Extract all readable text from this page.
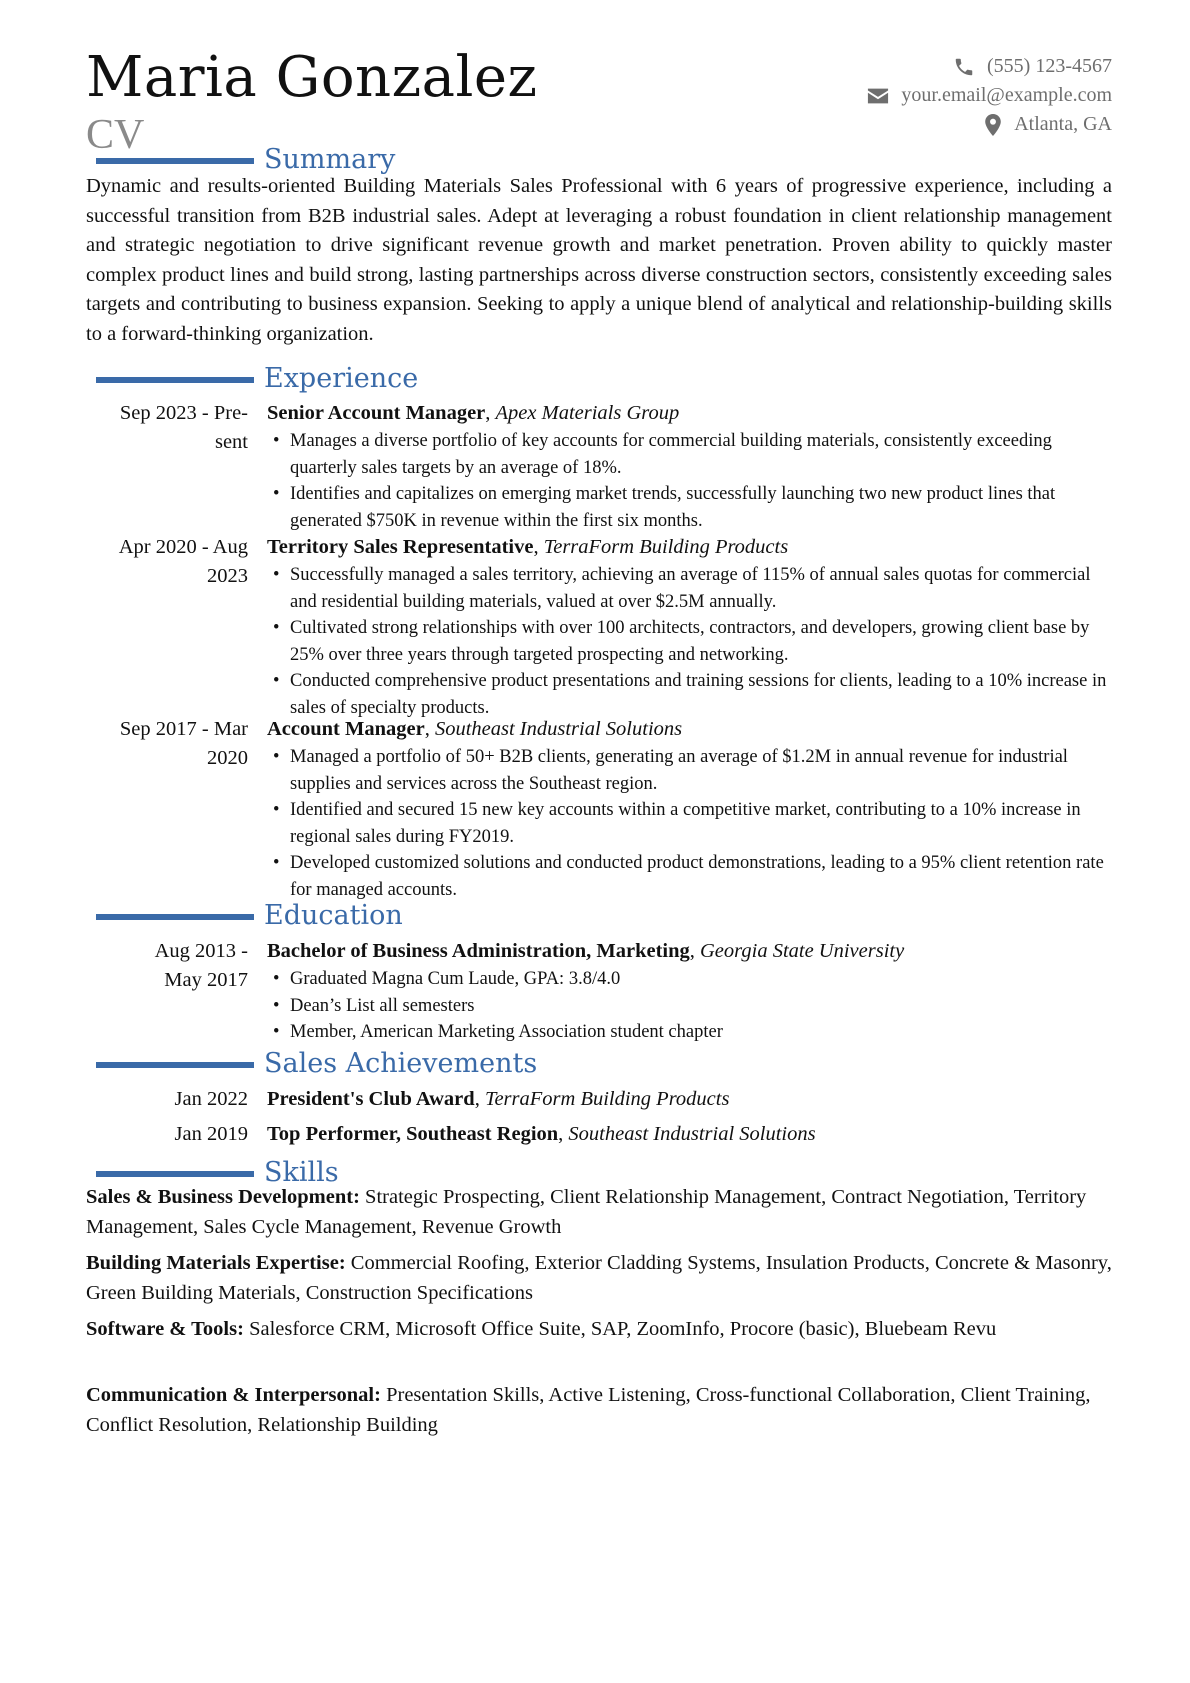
Maria Gonzalez
CV
(555) 123-4567
your.email@example.com
Atlanta, GA
Summary

Dynamic and results-oriented Building Materials Sales Professional with 6 years of progressive experience, including a successful transition from B2B industrial sales. Adept at leveraging a robust foundation in client relationship management and strategic negotiation to drive significant revenue growth and market penetration. Proven ability to quickly master complex product lines and build strong, lasting partnerships across diverse construction sectors, consistently exceeding sales targets and contributing to business expansion. Seeking to apply a unique blend of analytical and relationship-building skills to a forward-thinking organization.

Experience
Sep 2023 - Pre-
sent
Senior Account Manager, Apex Materials Group
• Manages a diverse portfolio of key accounts for commercial building materials, consistently exceeding quarterly sales targets by an average of 18%.
• Identifies and capitalizes on emerging market trends, successfully launching two new product lines that generated $750K in revenue within the first six months.
Apr 2020 - Aug
2023
Territory Sales Representative, TerraForm Building Products
• Successfully managed a sales territory, achieving an average of 115% of annual sales quotas for commercial and residential building materials, valued at over $2.5M annually.
• Cultivated strong relationships with over 100 architects, contractors, and developers, growing client base by 25% over three years through targeted prospecting and networking.
• Conducted comprehensive product presentations and training sessions for clients, leading to a 10% increase in sales of specialty products.
Sep 2017 - Mar
2020
Account Manager, Southeast Industrial Solutions
• Managed a portfolio of 50+ B2B clients, generating an average of $1.2M in annual revenue for industrial supplies and services across the Southeast region.
• Identified and secured 15 new key accounts within a competitive market, contributing to a 10% increase in regional sales during FY2019.
• Developed customized solutions and conducted product demonstrations, leading to a 95% client retention rate for managed accounts.
Education
Aug 2013 -
May 2017
Bachelor of Business Administration, Marketing, Georgia State University
• Graduated Magna Cum Laude, GPA: 3.8/4.0
• Dean’s List all semesters
• Member, American Marketing Association student chapter
Sales Achievements
Jan 2022 President's Club Award, TerraForm Building Products
Jan 2019 Top Performer, Southeast Region, Southeast Industrial Solutions
Skills

Sales & Business Development: Strategic Prospecting, Client Relationship Management, Contract Negotiation, Territory Management, Sales Cycle Management, Revenue Growth

Building Materials Expertise: Commercial Roofing, Exterior Cladding Systems, Insulation Products, Concrete & Masonry, Green Building Materials, Construction Specifications

Software & Tools: Salesforce CRM, Microsoft Office Suite, SAP, ZoomInfo, Procore (basic), Bluebeam Revu

Communication & Interpersonal: Presentation Skills, Active Listening, Cross-functional Collaboration, Client Training, Conflict Resolution, Relationship Building
